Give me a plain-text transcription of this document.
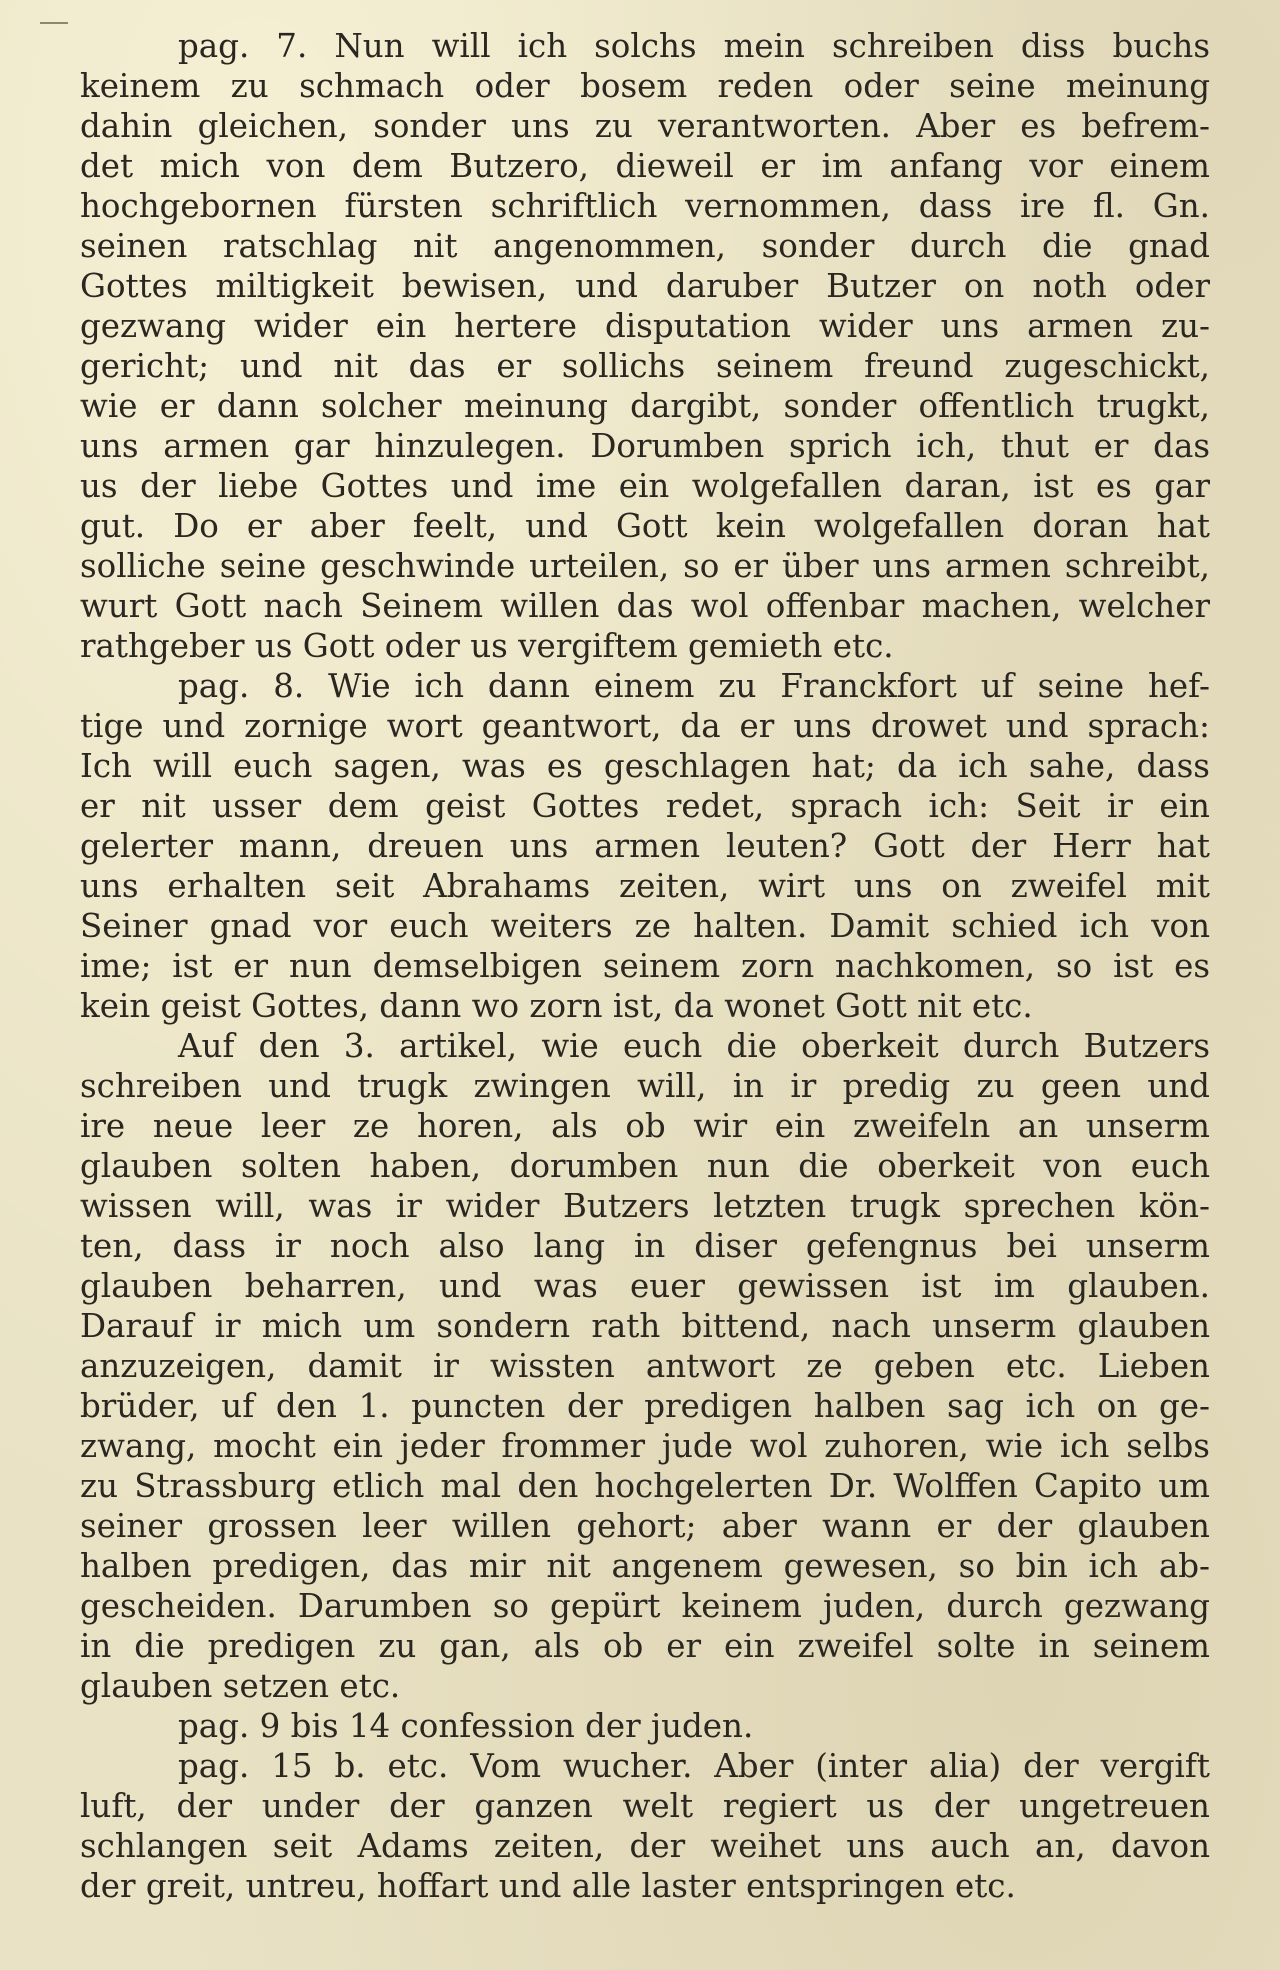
pag. 7. Nun will ich solchs mein schreiben diss buchs
keinem zu schmach oder bosem reden oder seine meinung
dahin gleichen, sonder uns zu verantworten. Aber es befrem-
det mich von dem Butzero, dieweil er im anfang vor einem
hochgebornen fürsten schriftlich vernommen, dass ire fl. Gn.
seinen ratschlag nit angenommen, sonder durch die gnad
Gottes miltigkeit bewisen, und daruber Butzer on noth oder
gezwang wider ein hertere disputation wider uns armen zu-
gericht; und nit das er sollichs seinem freund zugeschickt,
wie er dann solcher meinung dargibt, sonder offentlich trugkt,
uns armen gar hinzulegen. Dorumben sprich ich, thut er das
us der liebe Gottes und ime ein wolgefallen daran, ist es gar
gut. Do er aber feelt, und Gott kein wolgefallen doran hat
solliche seine geschwinde urteilen, so er über uns armen schreibt,
wurt Gott nach Seinem willen das wol offenbar machen, welcher
rathgeber us Gott oder us vergiftem gemieth etc.
pag. 8. Wie ich dann einem zu Franckfort uf seine hef-
tige und zornige wort geantwort, da er uns drowet und sprach:
Ich will euch sagen, was es geschlagen hat; da ich sahe, dass
er nit usser dem geist Gottes redet, sprach ich: Seit ir ein
gelerter mann, dreuen uns armen leuten? Gott der Herr hat
uns erhalten seit Abrahams zeiten, wirt uns on zweifel mit
Seiner gnad vor euch weiters ze halten. Damit schied ich von
ime; ist er nun demselbigen seinem zorn nachkomen, so ist es
kein geist Gottes, dann wo zorn ist, da wonet Gott nit etc.
Auf den 3. artikel, wie euch die oberkeit durch Butzers
schreiben und trugk zwingen will, in ir predig zu geen und
ire neue leer ze horen, als ob wir ein zweifeln an unserm
glauben solten haben, dorumben nun die oberkeit von euch
wissen will, was ir wider Butzers letzten trugk sprechen kön-
ten, dass ir noch also lang in diser gefengnus bei unserm
glauben beharren, und was euer gewissen ist im glauben.
Darauf ir mich um sondern rath bittend, nach unserm glauben
anzuzeigen, damit ir wissten antwort ze geben etc. Lieben
brüder, uf den 1. puncten der predigen halben sag ich on ge-
zwang, mocht ein jeder frommer jude wol zuhoren, wie ich selbs
zu Strassburg etlich mal den hochgelerten Dr. Wolffen Capito um
seiner grossen leer willen gehort; aber wann er der glauben
halben predigen, das mir nit angenem gewesen, so bin ich ab-
gescheiden. Darumben so gepürt keinem juden, durch gezwang
in die predigen zu gan, als ob er ein zweifel solte in seinem
glauben setzen etc.
pag. 9 bis 14 confession der juden.
pag. 15 b. etc. Vom wucher. Aber (inter alia) der vergift
luft, der under der ganzen welt regiert us der ungetreuen
schlangen seit Adams zeiten, der weihet uns auch an, davon
der greit, untreu, hoffart und alle laster entspringen etc.
